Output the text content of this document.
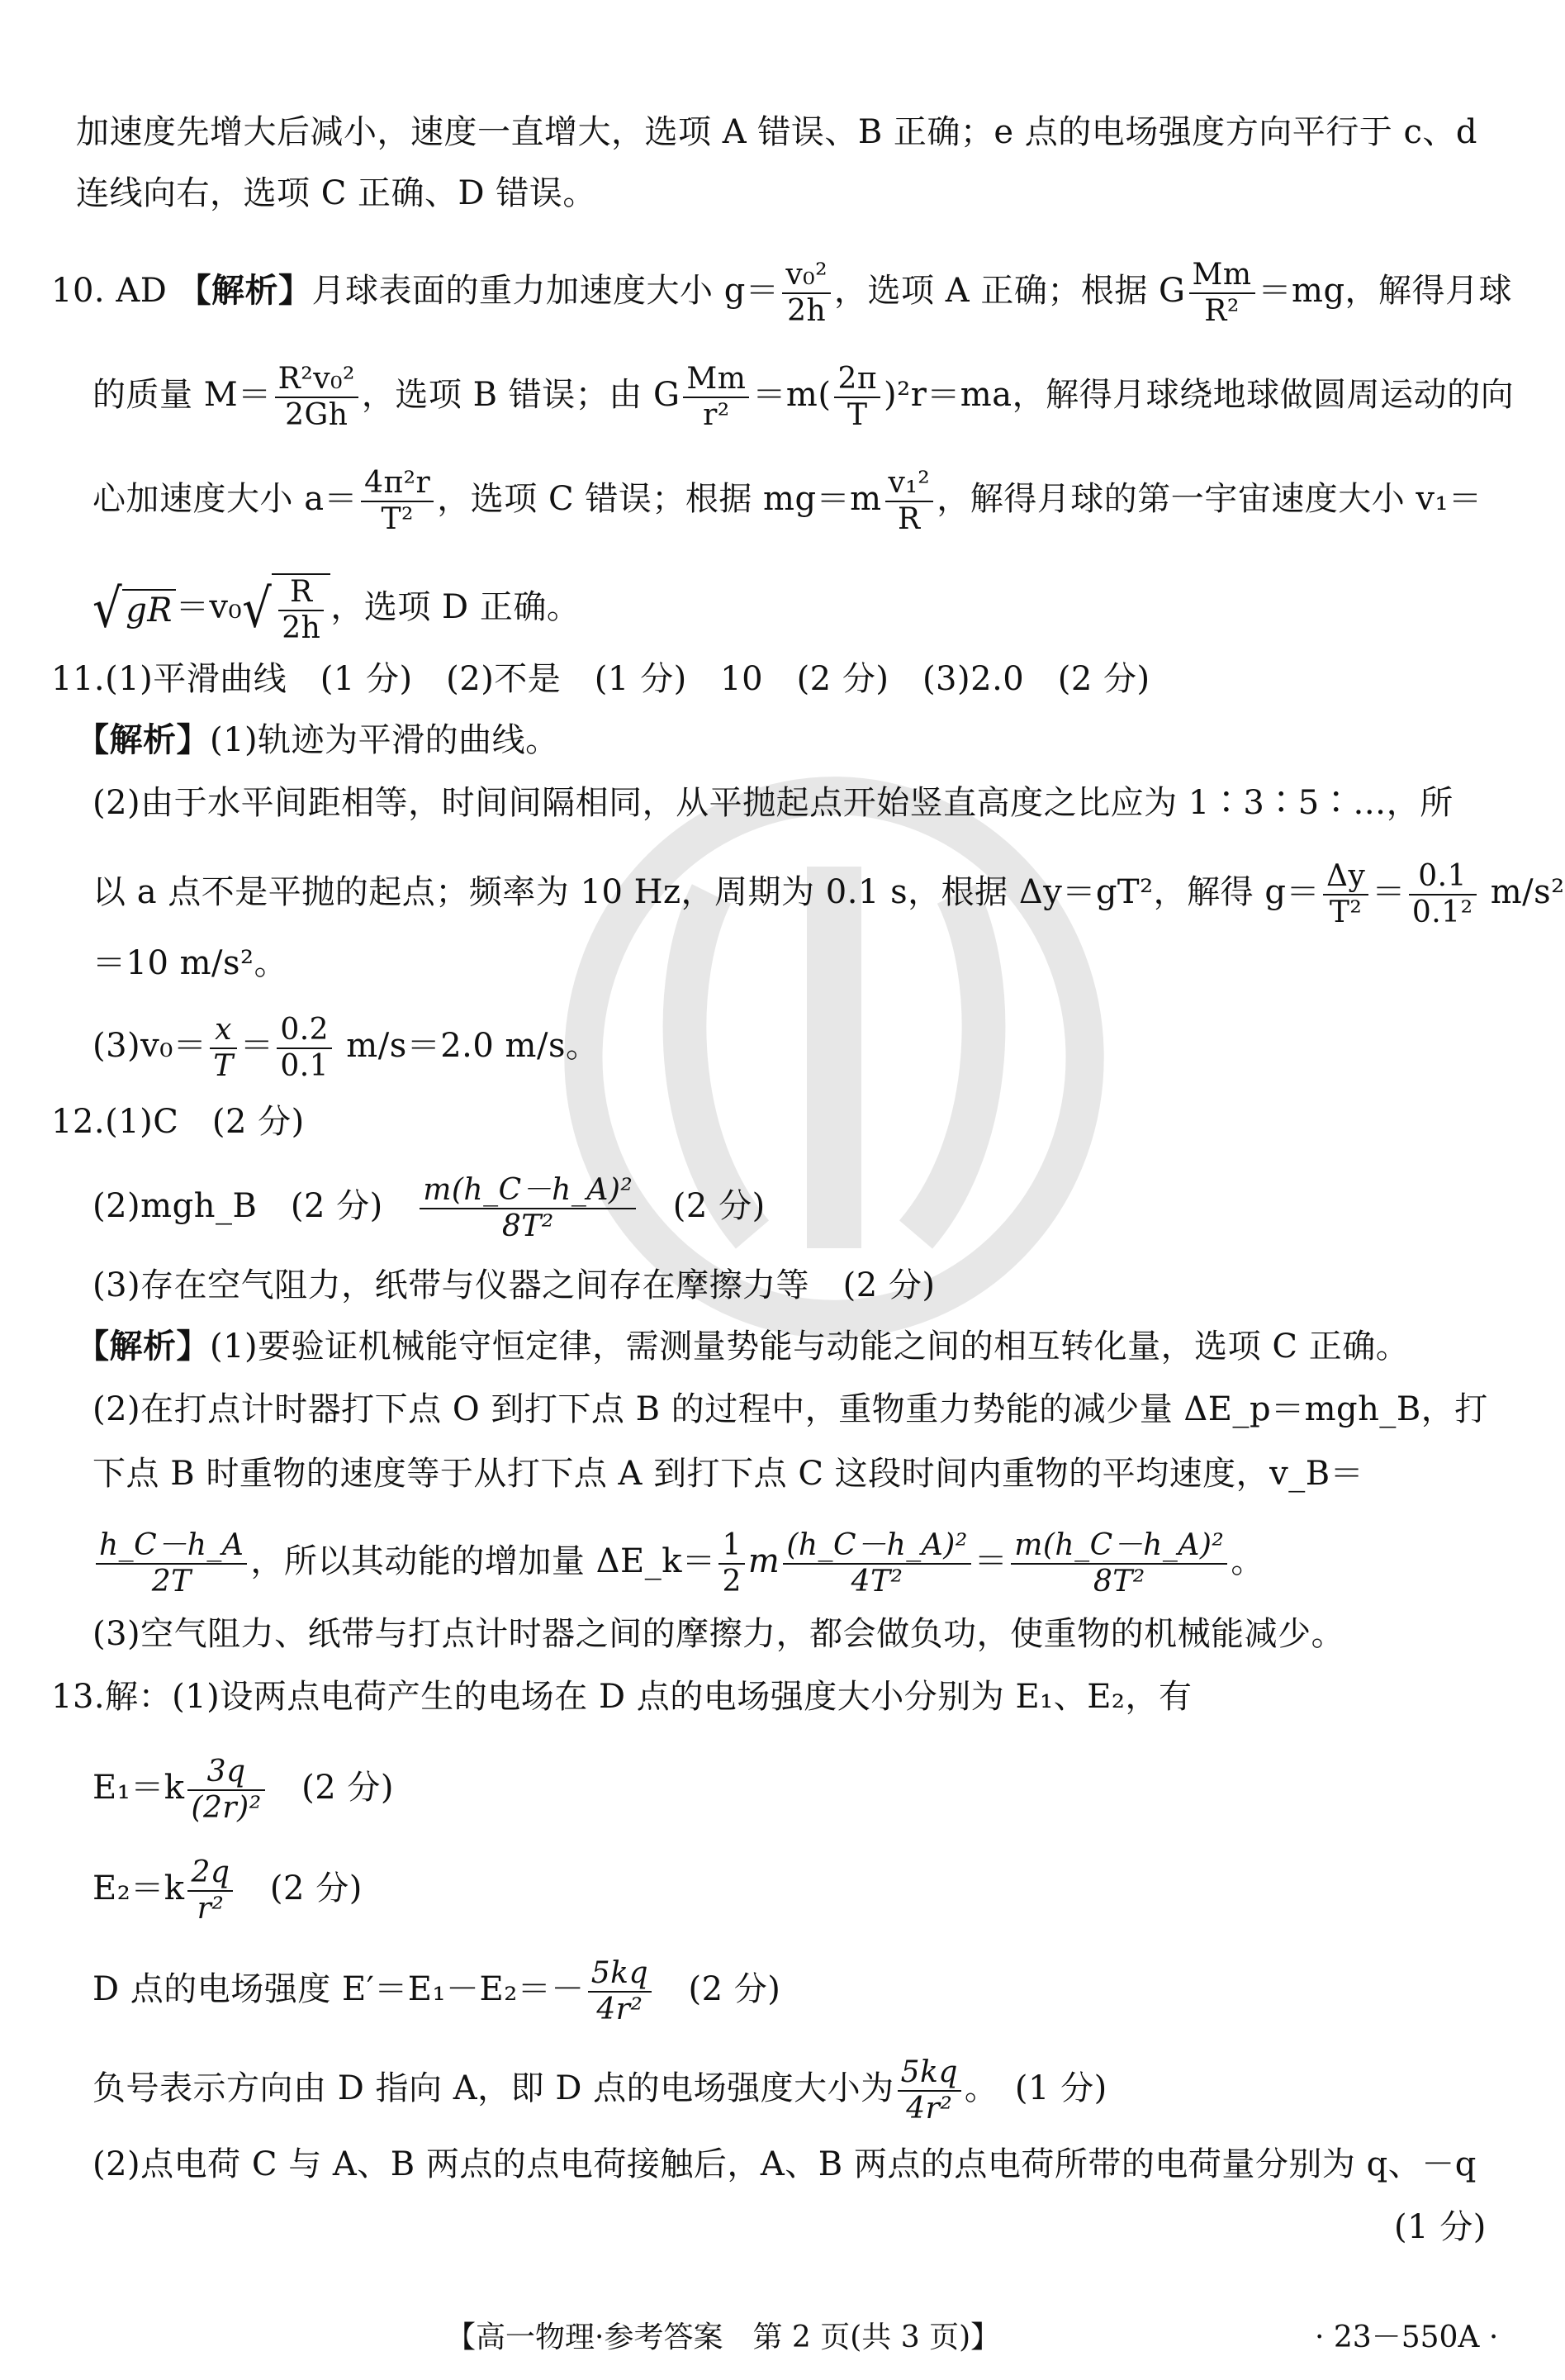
加速度先增大后减小，速度一直增大，选项 A 错误、B 正确；e 点的电场强度方向平行于 c、d
连线向右，选项 C 正确、D 错误。
10. AD 【解析】月球表面的重力加速度大小 $g= \frac{\text{v₀²}}{2h}$ ，选项 A 正确；根据 G $\frac{Mm}{\text{R²}} =mg$，解得月球
的质量 $M= \frac{\text{R²v₀²}}{2Gh}$ ，选项 B 错误；由 G $\frac{Mm}{\text{r²}} =m( \frac{2\pi}{T} )^2r=ma$，解得月球绕地球做圆周运动的向
心加速度大小 $a= \frac{\text{4π²r}}{\text{T²}}$ ，选项 C 错误；根据 $mg=m \frac{\text{v₁²}}{R}$ ，解得月球的第一宇宙速度大小 v₁＝
√ gR ＝v₀ √ $\frac{R}{2h}$ ，选项 D 正确。
11.(1)平滑曲线　(1 分)　(2)不是　(1 分)　10　(2 分)　(3)2.0　(2 分)
【解析】(1)轨迹为平滑的曲线。
(2)由于水平间距相等，时间间隔相同，从平抛起点开始竖直高度之比应为 1∶3∶5∶…，所
以 a 点不是平抛的起点；频率为 10 Hz，周期为 0.1 s，根据 Δy＝gT²，解得 $g= \frac{\Delta y}{\text{T²}} = \frac{0.1}{\text{0.1²}} m/s^2$
＝10 m/s²。
$(3)v_0= \frac{x}{T} = \frac{0.2}{0.1} m/s=2.0$ m/s。
12.(1)C　(2 分)
(2)mgh_B　(2 分)　 $\frac{\text{m(h\_C－h\_A)²}}{\text{8T²}}$ 　(2 分)
(3)存在空气阻力，纸带与仪器之间存在摩擦力等　(2 分)
【解析】(1)要验证机械能守恒定律，需测量势能与动能之间的相互转化量，选项 C 正确。
(2)在打点计时器打下点 O 到打下点 B 的过程中，重物重力势能的减少量 ΔE_p＝mgh_B，打
下点 B 时重物的速度等于从打下点 A 到打下点 C 这段时间内重物的平均速度，v_B＝
$\frac{h\_C-h\_A}{2T}$ ，所以其动能的增加量 ΔE_k＝ $\frac{1}{2}$ m $\frac{\text{(h\_C－h\_A)²}}{\text{4T²}} = \frac{\text{m(h\_C－h\_A)²}}{\text{8T²}}$ 。
(3)空气阻力、纸带与打点计时器之间的摩擦力，都会做负功，使重物的机械能减少。
13.解：(1)设两点电荷产生的电场在 D 点的电场强度大小分别为 E₁、E₂，有
$E_1=k \frac{3q}{\text{(2r)²}}$ 　(2 分)
$E_2=k \frac{2q}{\text{r²}}$ 　(2 分)
D 点的电场强度 $E'=E_1-E_2=- \frac{5kq}{\text{4r²}}$ 　(2 分)
负号表示方向由 D 指向 A，即 D 点的电场强度大小为 $\frac{5kq}{\text{4r²}}$ 。　(1 分)
(2)点电荷 C 与 A、B 两点的点电荷接触后，A、B 两点的点电荷所带的电荷量分别为 q、－q
(1 分)
【高一物理·参考答案　第 2 页(共 3 页)】	· 23－550A ·
